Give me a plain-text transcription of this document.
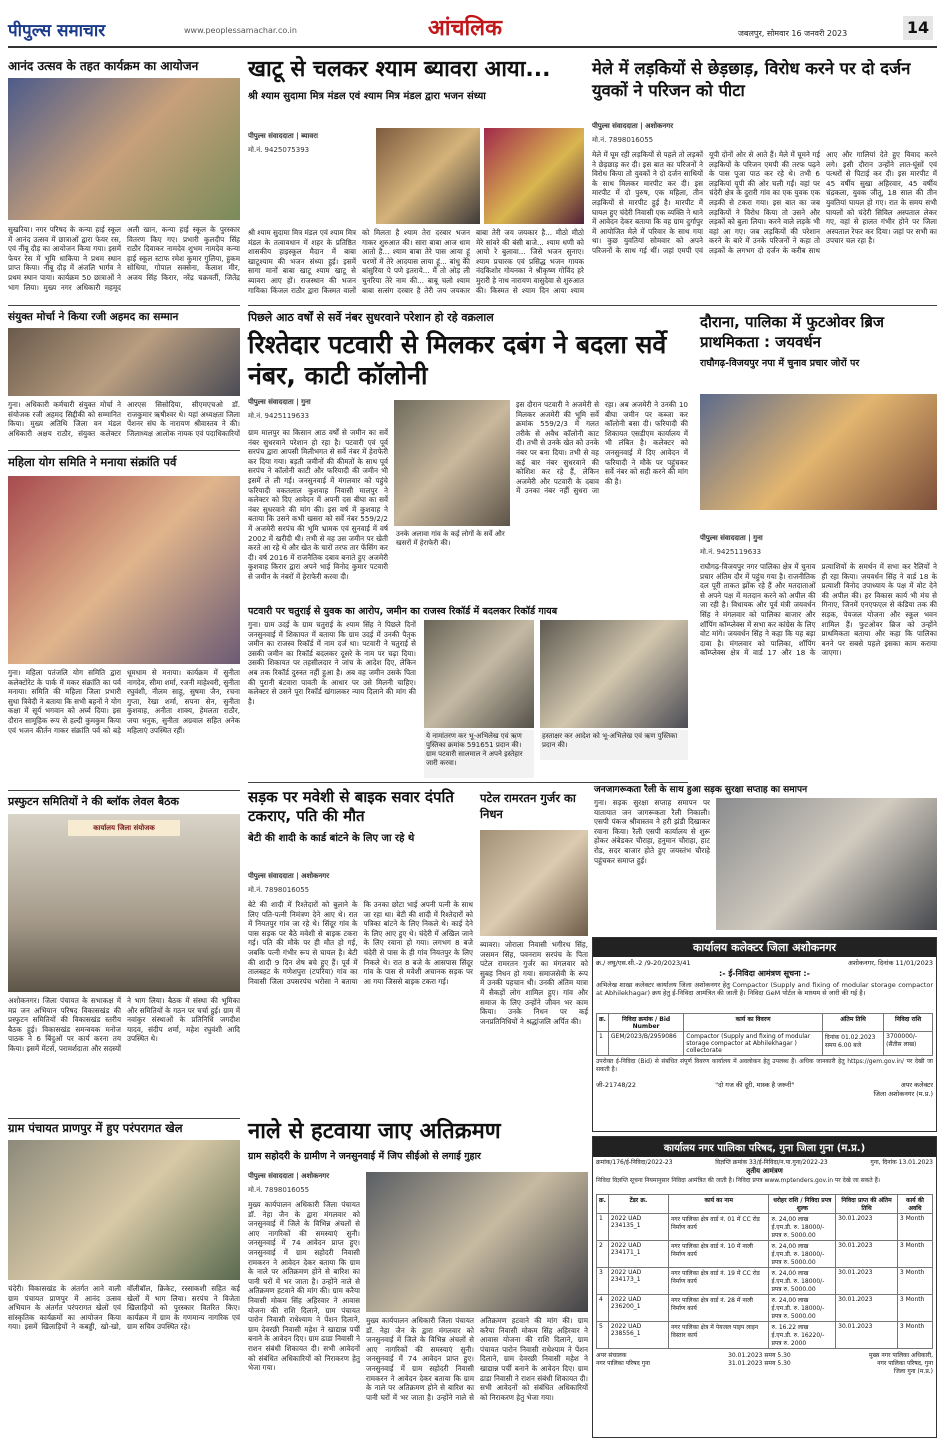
पीपुल्स समाचार	www.peoplessamachar.co.in	आंचलिक	जबलपुर, सोमवार 16 जनवरी 2023	14
आनंद उत्सव के तहत कार्यक्रम का आयोजन
सुखरिया। नगर परिषद के कन्या हाई स्कूल में आनंद उत्सव में छात्राओं द्वारा फेयर रस, एवं नींबू दौड़ का आयोजन किया गया। इसमें फेयर रेस में भूमि धाकिया ने प्रथम स्थान प्राप्त किया। नींबू दौड़ में अंजलि भार्गव ने प्रथम स्थान पाया। कार्यक्रम 50 छात्राओं ने भाग लिया। मुख्य नगर अधिकारी महमूद अली खान, कन्या हाई स्कूल के पुरस्कार वितरण किए गए। प्रभारी कुलदीप सिंह राठौर दिवाकर नामदेव शुभम नामदेव कन्या हाई स्कूल स्टाफ रमेश कुमार गुलिया, हुकम सोधिया, गोपाल सक्सेना, कैलाश मीर, अजय सिंह किरार, नरेंद्र चक्रवर्ती, जितेंद्र
खाटू से चलकर श्याम ब्यावरा आया...
श्री श्याम सुदामा मित्र मंडल एवं श्याम मित्र मंडल द्वारा भजन संध्या
पीपुल्स संवाददाता | ब्यावरा
मो.नं. 9425075393
श्री श्याम सुदामा मित्र मंडल एवं श्याम मित्र मंडल के तत्वावधान में शहर के प्रतिष्ठित शासकीय हाइस्कूल मैदान में बाबा खाटूश्याम की भजन संध्या हुई। इसमें सागा मानों बाबा खाटू श्याम खाटू से ब्यावरा आए हों। राजस्थान की भजन गायिका किंजल राठौर द्वारा किस्मत वालों को मिलता है श्याम तेरा दरबार भजन गाकर शुरुआत की। सारा बाबा आज धाम आतो है... श्याम बाबा तेरे पास आया हूं चरणों में तेरे आदयास लाया हूं... बांधु केी बांसुरिया पे पणे इतराये... मैं तो ओड़ ली चुनरिया तेरे नाम की... बाबू चलो श्याम बाबा सत्संग दरबार है तेरी जय जयकार बाबा तेरी जय जयकार है... मीठो मीठो मेरे सांवरे की बंसी बाजे... श्याम धणी को आयो रे बुलावा... जिसे भजन सुनाए। श्याम प्रचारक एवं प्रसिद्ध भजन गायक नंदकिशोर गोयनका ने श्रीकृष्ण गोविंद हरे मुरारी हे नाथ नारायण वासुदेवा से शुरुआत की। किस्मत से श्याम दिन आया श्याम
मेले में लड़कियों से छेड़छाड़, विरोध करने पर दो दर्जन युवकों ने परिजन को पीटा
पीपुल्स संवाददाता | अशोकनगर
मो.नं. 7898016055
मेले में घूम रही लड़कियों से पहले तो लड़कों ने छेड़छाड़ कर दी। इस बात का परिजनों ने विरोध किया तो युवकों ने दो दर्जन साथियों के साथ मिलकर मारपीट कर दी। इस मारपीट में दो पुरुष, एक महिला, तीन लड़कियों से मारपीट हुई है। मारपीट में घायल हुए चंदेरी निवासी एक व्यक्ति ने थाने में आवेदन देकर बताया कि वह ग्राम दुर्गापुर में आयोजित मेले में परिवार के साथ गया था। कुछ युवतियां सोमवार को अपने परिजनों के साथ गई थीं। जहां एमपी एवं यूपी दोनों ओर से आते हैं। मेले में घूमने गई लड़कियों के परिजन एमपी की तरफ पढ़ने के पास पूजा पाठ कर रहे थे। तभी 6 लड़कियां यूपी की ओर चली गईं। वहां पर चंदेरी क्षेत्र के दुरारी गांव का एक युवक एक लड़की से टकरा गया। इस बात का जब लड़कियों ने विरोध किया तो उसने और लड़कों को बुला लिया। करने वाले लड़के भी वहां आ गए। जब लड़कियों की परेशान करने के बारे में उनके परिजनों ने कहा तो लड़कों के लगभग दो दर्जन के करीब साथ आए और गालियां देते हुए विवाद करने लगे। इसी दौरान उन्होंने लात-घूंसों एवं पत्थरों से पिटाई कर दी। इस मारपीट में 45 वर्षीय सुखा अहिरवार, 45 वर्षीय चंद्रकला, युवक जीतू, 18 साल की तीन युवतियां घायल हो गए। रात के समय सभी घायलों को चंदेरी सिविल अस्पताल लेकर गए, वहां से हालत गंभीर होने पर जिला अस्पताल रेफर कर दिया। जहां पर सभी का उपचार चल रहा है।
संयुक्त मोर्चा ने किया रजी अहमद का सम्मान
गुना। अधिकारी कर्मचारी संयुक्त मोर्चा ने संयोजक रजी अहमद सिद्दीकी को सम्मानित किया। मुख्य अतिथि जिला वन मंडल अधिकारी अक्षय राठौर, संयुक्त कलेक्टर आरएस सिसोदिया, सीएमएचओ डॉ. राजकुमार ऋषीश्वर थे। यहां अध्यक्षता जिला पेंशनर संघ के नारायण श्रीवास्तव ने की। जिलाध्यक्ष आलोक नायक एवं पदाधिकारियों
पिछले आठ वर्षों से सर्वे नंबर सुधरवाने परेशान हो रहे वक्रलाल
रिश्तेदार पटवारी से मिलकर दबंग ने बदला सर्वे नंबर, काटी कॉलोनी
पीपुल्स संवाददाता | गुना
मो.नं. 9425119633
ग्राम मालपुर का किसान आठ वर्षों से जमीन का सर्वे नंबर सुधरवाने परेशान हो रहा है। पटवारी एवं पूर्व सरपंच द्वारा आपसी मिलीभगत से सर्वे नंबर में हेराफेरी कर दिया गया। बड़ती जमीनों की कीमतों के साथ पूर्व सरपंच ने कॉलोनी काटी और फरियादी की जमीन भी इसमें ले ली गई। जनसुनवाई में मंगलवार को पहुंचे फरियादी वकतलाल कुशवाह निवासी मालपुर ने कलेक्टर को दिए आवेदन में अपनी दस बीघा का सर्वे नंबर सुधरवाने की मांग की। इस वर्ष में कुशवाह ने बताया कि उसने कभी खसरा को सर्वे नंबर 559/2/2 में अजमेरी सरपंच की भूमि भ्रामक एवं सुनवाई में वर्ष 2002 में खरीदी थी। तभी से वह उस जमीन पर खेती करते आ रहे थे और खेत के चारों तरफ तार फेंसिंग कर दी। वर्ष 2016 में राजनैतिक दबाव बनाते हुए अजमेरी कुशवाह किरार द्वारा अपने भाई विनोद कुमार पटवारी से जमीन के नंबरों में हेराफेरी करवा दी।
उनके अलावा गांव के कई लोगों के सर्वे और खसरों में हेराफेरी की।
इस दौरान पटवारी ने अजमेरी से मिलकर अजमेरी की भूमि सर्वे क्रमांक 559/2/3 में गलत तरीके से अवैध कॉलोनी काट दी। तभी से उनके खेत को उनके नंबर पर बना दिया। तभी से वह कई बार नंबर सुधरवाने की कोशिश कर रहे हैं, लेकिन अजमेरी और पटवारी के दबाव में उनका नंबर नहीं सुधरा जा रहा। अब अजमेरी ने उनकी 10 बीघा जमीन पर कब्जा कर कॉलोनी बसा दी। फरियादी की शिकायत एसडीएम कार्यालय में भी लंबित है। कलेक्टर को जनसुनवाई में दिए आवेदन में फरियादी ने मौके पर पहुंचकर सर्वे नंबर को सही करने की मांग की है।
दौराना, पालिका में फुटओवर ब्रिज प्राथमिकता : जयवर्धन
राघौगढ़-विजयपुर नपा में चुनाव प्रचार जोरों पर
पीपुल्स संवाददाता | गुना
मो.नं. 9425119633
राघौगढ़-विजयपुर नगर पालिका क्षेत्र में चुनाव प्रचार अंतिम दौर में पहुंच गया है। राजनीतिक दल पूरी ताकत झोंक रहे हैं और मतदाताओं से अपने पक्ष में मतदान करने को अपील की जा रही है। विधायक और पूर्व मंत्री जयवर्धन सिंह ने मंगलवार को पालिका बाजार और शॉपिंग कॉम्प्लेक्स में सभा कर कांग्रेस के लिए वोट मांगे। जयवर्धन सिंह ने कहा कि यह बड़ा दावा है। मंगलवार को पालिका, शॉपिंग कॉम्प्लेक्स क्षेत्र में वार्ड 17 और 18 के प्रत्याशियों के समर्थन में सभा कर रैलियों ने ही रहा किया। जयवर्धन सिंह ने वार्ड 18 के प्रत्याशी विनोद उपाध्याय के पक्ष में वोट देने की अपील की। हर विकास कार्य भी मंच से गिनाए, जिनमें एनएफएल से कंडिया तक की सड़क, पेयजल योजना और स्कूल भवन शामिल हैं। फुटओवर ब्रिज को उन्होंने प्राथमिकता बताया और कहा कि पालिका बनने पर सबसे पहले इसका काम कराया जाएगा।
महिला योग समिति ने मनाया संक्रांति पर्व
गुना। महिला पतंजलि योग समिति द्वारा कलेक्टोरेट के पार्क में मकर संक्रांति का पर्व मनाया। समिति की महिला जिला प्रभारी सुधा त्रिवेदी ने बताया कि सभी बहनों ने योग कक्षा में सूर्य भगवान को अर्घ्य दिया। इस दौरान सामूहिक रूप से हल्दी कुमकुम किया एवं भजन कीर्तन गाकर संक्रांति पर्व को बड़े धूमधाम से मनाया। कार्यक्रम में सुनीता नागदेव, सीमा शर्मा, रजनी माहेश्वरी, सुनीता रघुवंशी, नीलम साहू, सुषमा जैन, रचना गुप्ता, रेखा शर्मा, सपना सेन, सुनीता कुशवाह, अनीता शाक्य, हेमलता राठौर, जया धनुक, सुनीता अग्रवाल सहित अनेक महिलाएं उपस्थित रहीं।
पटवारी पर चतुराई से युवक का आरोप, जमीन का राजस्व रिकॉर्ड में बदलकर रिकॉर्ड गायब
गुना। ग्राम उदई के ग्राम चतुराई के श्याम सिंह ने पिछले दिनों जनसुनवाई में शिकायत में बताया कि ग्राम उदई में उनकी पैतृक जमीन का राजस्व रिकॉर्ड में नाम दर्ज था। पटवारी ने चतुराई से उसकी जमीन का रिकॉर्ड बदलकर दूसरे के नाम पर चढ़ा दिया। उसकी शिकायत पर तहसीलदार ने जांच के आदेश दिए, लेकिन अब तक रिकॉर्ड दुरुस्त नहीं हुआ है। अब वह जमीन उसके पिता की पुरानी बंटवारा पावती के आधार पर उसे मिलनी चाहिए। कलेक्टर से उसने पूरा रिकॉर्ड खंगालकर न्याय दिलाने की मांग की है।
ये नामांतरण कर भू-अभिलेख एवं ऋण पुस्तिका क्रमांक 591651 प्रदान की। ग्राम पटवारी सालमाल ने अपने इस्तेहार जारी करवा।
हस्ताक्षर कर आदेश को भू-अभिलेख एवं ऋण पुस्तिका प्रदान की।
प्रस्फुटन समितियों ने की ब्लॉक लेवल बैठक
कार्यालय जिला संयोजक
अशोकनगर। जिला पंचायत के सभाकक्ष में मप्र जन अभियान परिषद विकासखंड की प्रस्फुटन समितियों की विकासखंड स्तरीय बैठक हुई। विकासखंड समन्वयक मनोज पाठक ने 6 बिंदुओं पर कार्य करना तय किया। इसमें मेंटर्स, परामर्शदाता और सदस्यों ने भाग लिया। बैठक में संस्था की भूमिका और समितियों के गठन पर चर्चा हुई। ग्राम में नवांकुर संस्थाओं के प्रतिनिधि जगदीश यादव, संदीप शर्मा, महेश रघुवंशी आदि उपस्थित थे।
सड़क पर मवेशी से बाइक सवार दंपति टकराए, पति की मौत
बेटी की शादी के कार्ड बांटने के लिए जा रहे थे
पीपुल्स संवाददाता | अशोकनगर
मो.नं. 7898016055
बेटे की शादी में रिश्तेदारों को बुलाने के लिए पति-पत्नी निमंत्रण देने आए थे। रात में नियतपुर गांव जा रहे थे। सिंदूर गांव के पास सड़क पर बैठे मवेशी से बाइक टकरा गई। पति की मौके पर ही मौत हो गई, जबकि पत्नी गंभीर रूप से घायल है। बेटी की शादी 9 दिन शेष बचे हुए हैं। पूर्व में तालबहट के गणेशपुरा (टपरिया) गांव का निवासी जिला उपसरपंच भरोसा ने बताया कि उनका छोटा भाई अपनी पत्नी के साथ जा रहा था। बेटी की शादी में रिश्तेदारों को पत्रिका बांटने के लिए निकले थे। काई देने के लिए आए हुए थे। चंदेरी में अखिल जाने के लिए रवाना हो गया। लगभग 8 बजे चंदेरी से पास के ही गांव नियतपुर के लिए निकले थे। रात 8 बजे के आसपास सिंदूर गांव के पास से मवेशी अचानक सड़क पर आ गया जिससे बाइक टकरा गई।
पटेल रामरतन गुर्जर का निधन
ब्यावरा। जोराला निवासी भगीरथ सिंह, जसमन सिंह, पवनराम सरपंच के पिता पटेल रामरतन गुर्जर का मंगलवार को सुबह निधन हो गया। समाजसेवी के रूप में उनकी पहचान थी। उनकी अंतिम यात्रा में सैकड़ों लोग शामिल हुए। गांव और समाज के लिए उन्होंने जीवन भर काम किया। उनके निधन पर कई जनप्रतिनिधियों ने श्रद्धांजलि अर्पित की।
जनजागरूकता रैली के साथ हुआ सड़क सुरक्षा सप्ताह का समापन
गुना। सड़क सुरक्षा सप्ताह समापन पर यातायात जन जागरूकता रैली निकाली। एसपी पंकज श्रीवास्तव ने हरी झंडी दिखाकर रवाना किया। रैली एसपी कार्यालय से शुरू होकर अंबेडकर चौराहा, हनुमान चौराहा, हाट रोड, सदर बाजार होते हुए जयस्तंभ चौराहे पहुंचकर समाप्त हुई।
कार्यालय कलेक्टर जिला अशोकनगर
क्र./ लघु/एस.सी.-2 /9-20/2023/41	अशोकनगर, दिनांक 11/01/2023
:- ई-निविदा आमंत्रण सूचना :-
अभिलेख शाखा कलेक्टर कार्यालय जिला अशोकनगर हेतु Compactor (Supply and fixing of modular storage compactor at Abhilekhagar) क्रय हेतु ई-निविदा आमंत्रित की जाती है। निविदा GeM पोर्टल के माध्यम से जारी की गई है।
क्र.	निविदा क्रमांक / Bid Number	कार्य का विवरण	अंतिम तिथि	निविदा राशि
1	GEM/2023/B/2959086	Compactor (Supply and fixing of modular storage compactor at Abhilekhagar ) collectorate	दिनांक 01.02.2023 समय 6.00 बजे	3700000/- (सैंतीस लाख)
उपरोक्त ई-निविदा (Bid) से संबंधित संपूर्ण विवरण कार्यालय में अवलोकन हेतु उपलब्ध हैं। अधिक जानकारी हेतु https://gem.gov.in/ पर देखी जा सकती है।
जी-21748/22	"दो गज की दूरी, मास्क है जरूरी"	अपर कलेक्टर
जिला अशोकनगर (म.प्र.)
नाले से हटवाया जाए अतिक्रमण
ग्राम सहोदरी के ग्रामीण ने जनसुनवाई में जिप सीईओ से लगाई गुहार
पीपुल्स संवाददाता | अशोकनगर
मो.नं. 7898016055
मुख्य कार्यपालन अधिकारी जिला पंचायत डॉ. नेहा जैन के द्वारा मंगलवार को जनसुनवाई में जिले के विभिन्न अंचलों से आए नागरिकों की समस्याएं सुनी। जनसुनवाई में 74 आवेदन प्राप्त हुए। जनसुनवाई में ग्राम सहोदरी निवासी रामकरन ने आवेदन देकर बताया कि ग्राम के नाले पर अतिक्रमण होने से बारिश का पानी घरों में भर जाता है। उन्होंने नाले से अतिक्रमण हटवाने की मांग की। ग्राम करैया निवासी मोकम सिंह अहिरवार ने आवास योजना की राशि दिलाने, ग्राम पंचायत पारोन निवासी राधेश्याम ने पेंशन दिलाने, ग्राम देवरछी निवासी महेश ने खाद्यान्न पर्ची बनाने के आवेदन दिए। ग्राम ढाडा निवासी ने राशन संबंधी शिकायत दी। सभी आवेदनों को संबंधित अधिकारियों को निराकरण हेतु भेजा गया।
मुख्य कार्यपालन अधिकारी जिला पंचायत डॉ. नेहा जैन के द्वारा मंगलवार को जनसुनवाई में जिले के विभिन्न अंचलों से आए नागरिकों की समस्याएं सुनी। जनसुनवाई में 74 आवेदन प्राप्त हुए। जनसुनवाई में ग्राम सहोदरी निवासी रामकरन ने आवेदन देकर बताया कि ग्राम के नाले पर अतिक्रमण होने से बारिश का पानी घरों में भर जाता है। उन्होंने नाले से अतिक्रमण हटवाने की मांग की। ग्राम करैया निवासी मोकम सिंह अहिरवार ने आवास योजना की राशि दिलाने, ग्राम पंचायत पारोन निवासी राधेश्याम ने पेंशन दिलाने, ग्राम देवरछी निवासी महेश ने खाद्यान्न पर्ची बनाने के आवेदन दिए। ग्राम ढाडा निवासी ने राशन संबंधी शिकायत दी। सभी आवेदनों को संबंधित अधिकारियों को निराकरण हेतु भेजा गया।
ग्राम पंचायत प्राणपुर में हुए परंपरागत खेल
चंदेरी। विकासखंड के अंतर्गत आने वाली ग्राम पंचायत प्राणपुर में आनंद उत्सव अभियान के अंतर्गत परंपरागत खेलों एवं सांस्कृतिक कार्यक्रमों का आयोजन किया गया। इसमें खिलाड़ियों ने कबड्डी, खो-खो, वॉलीबॉल, क्रिकेट, रस्साकशी सहित कई खेलों में भाग लिया। सरपंच ने विजेता खिलाड़ियों को पुरस्कार वितरित किए। कार्यक्रम में ग्राम के गणमान्य नागरिक एवं ग्राम सचिव उपस्थित रहे।
कार्यालय नगर पालिका परिषद, गुना जिला गुना (म.प्र.)
क्रमांक/176/ई-निविदा/2022-23	विज्ञप्ति क्रमांक 33/ई-निविदा/न.पा.गुना/2022-23	गुना, दिनांक 13.01.2023
तृतीय आमंत्रण
निविदा विज्ञप्ति सूचना नियमानुसार निविदा आमंत्रित की जाती है। निविदा प्रपत्र www.mptenders.gov.in पर देखे जा सकते हैं।
क्र.	टेंडर क्र.	कार्य का नाम	धरोहर राशि / निविदा प्रपत्र शुल्क	निविदा प्राप्त की अंतिम तिथि	कार्य की अवधि
1	2022 UAD 234135_1	नगर पालिका क्षेत्र वार्ड नं. 01 में CC रोड निर्माण कार्य	रु. 24,00 लाख
ई.एम.डी. रु. 18000/-
प्रपत्र रु. 5000.00	30.01.2023	3 Month
2	2022 UAD 234171_1	नगर पालिका क्षेत्र वार्ड नं. 10 में नाली निर्माण कार्य	रु. 24,00 लाख
ई.एम.डी. रु. 18000/-
प्रपत्र रु. 5000.00	30.01.2023	3 Month
3	2022 UAD 234173_1	नगर पालिका क्षेत्र वार्ड नं. 19 में CC रोड निर्माण कार्य	रु. 24,00 लाख
ई.एम.डी. रु. 18000/-
प्रपत्र रु. 5000.00	30.01.2023	3 Month
4	2022 UAD 236200_1	नगर पालिका क्षेत्र वार्ड नं. 28 में नाली निर्माण कार्य	रु. 24,00 लाख
ई.एम.डी. रु. 18000/-
प्रपत्र रु. 5000.00	30.01.2023	3 Month
5	2022 UAD 238556_1	नगर पालिका क्षेत्र में पेयजल पाइप लाइन विस्तार कार्य	रु. 16.22 लाख
ई.एम.डी. रु. 16220/-
प्रपत्र रु. 2000	30.01.2023	3 Month
अपर संचालक
नगर पालिका परिषद गुना
30.01.2023 समय 5.30
31.01.2023 समय 5.30
मुख्य नगर पालिका अधिकारी,
नगर पालिका परिषद, गुना
जिला गुना (म.प्र.)
